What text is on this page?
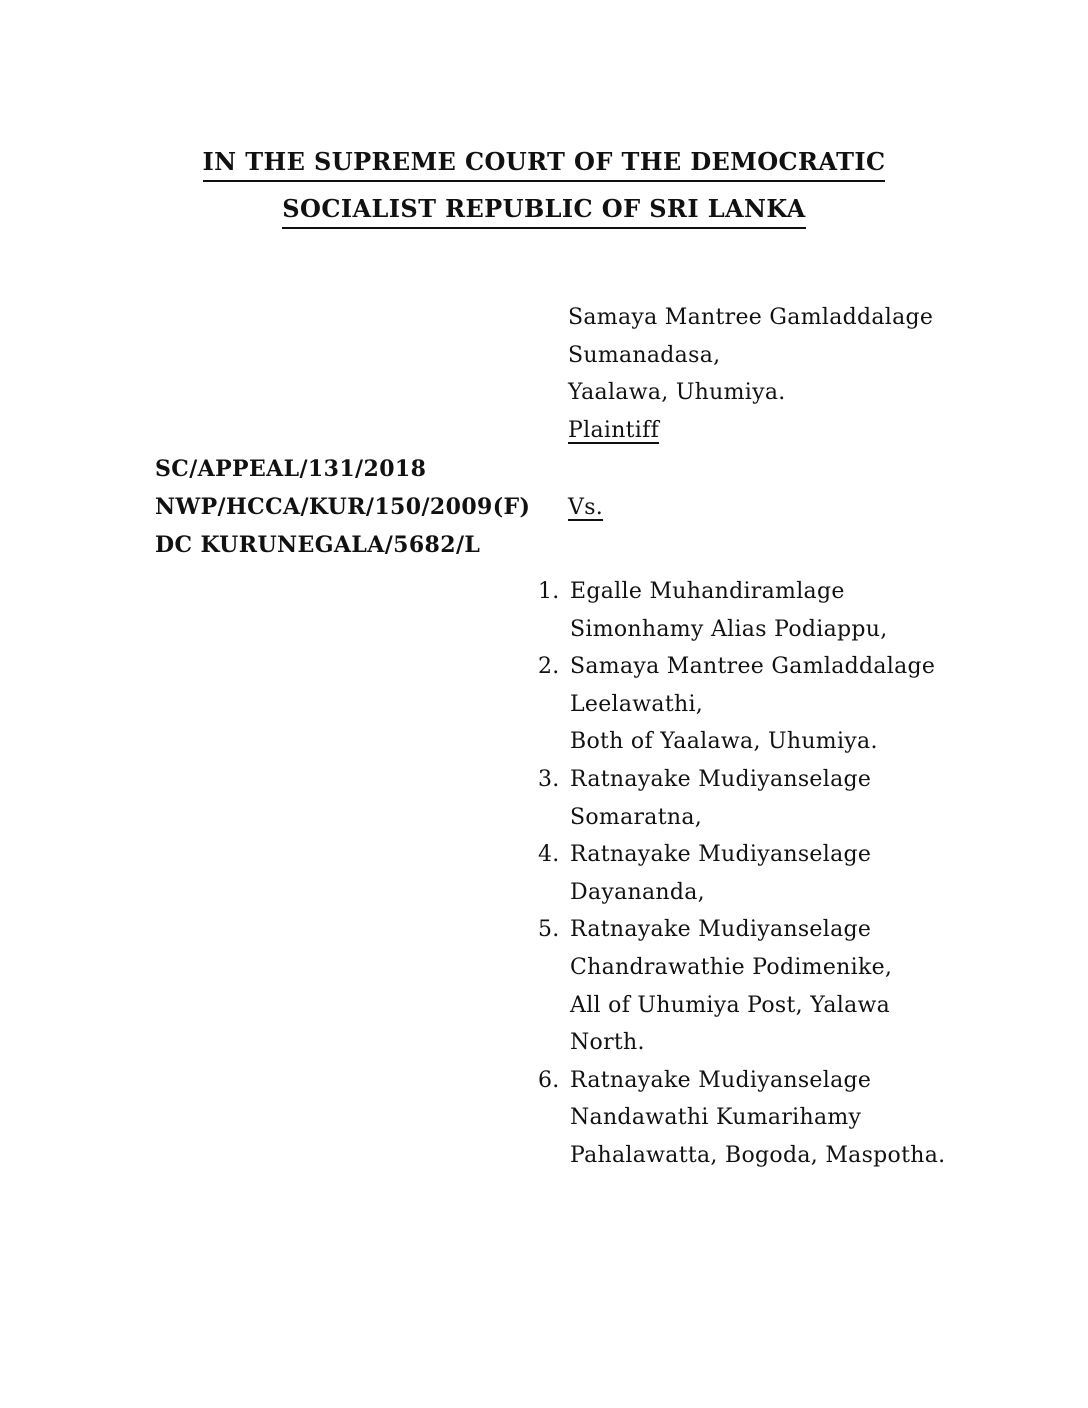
IN THE SUPREME COURT OF THE DEMOCRATIC
SOCIALIST REPUBLIC OF SRI LANKA
Samaya Mantree Gamladdalage
Sumanadasa,
Yaalawa, Uhumiya.
Plaintiff
SC/APPEAL/131/2018
NWP/HCCA/KUR/150/2009(F)
DC KURUNEGALA/5682/L
Vs.
1. Egalle Muhandiramlage
Simonhamy Alias Podiappu,
2. Samaya Mantree Gamladdalage
Leelawathi,
Both of Yaalawa, Uhumiya.
3. Ratnayake Mudiyanselage
Somaratna,
4. Ratnayake Mudiyanselage
Dayananda,
5. Ratnayake Mudiyanselage
Chandrawathie Podimenike,
All of Uhumiya Post, Yalawa
North.
6. Ratnayake Mudiyanselage
Nandawathi Kumarihamy
Pahalawatta, Bogoda, Maspotha.
